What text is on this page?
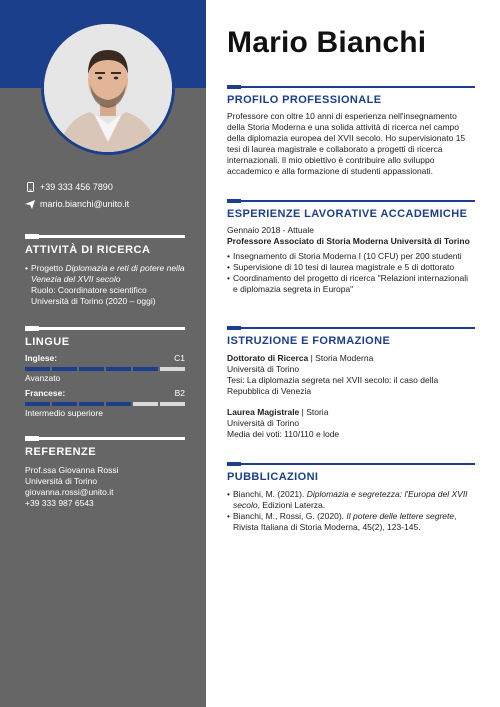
+39 333 456 7890
mario.bianchi@unito.it
ATTIVITÀ DI RICERCA
• Progetto Diplomazia e reti di potere nella Venezia del XVII secolo
Ruolo: Coordinatore scientifico
Università di Torino (2020 – oggi)
LINGUE
Inglese:	C1
Avanzato
Francese:	B2
Intermedio superiore
REFERENZE
Prof.ssa Giovanna Rossi
Università di Torino
giovanna.rossi@unito.it
+39 333 987 6543
Mario Bianchi
PROFILO PROFESSIONALE
Professore con oltre 10 anni di esperienza nell'insegnamento della Storia Moderna e una solida attività di ricerca nel campo della diplomazia europea del XVII secolo. Ho supervisionato 15 tesi di laurea magistrale e collaborato a progetti di ricerca internazionali. Il mio obiettivo è contribuire allo sviluppo accademico e alla formazione di studenti appassionati.
ESPERIENZE LAVORATIVE ACCADEMICHE
Gennaio 2018 - Attuale
Professore Associato di Storia Moderna Università di Torino
• Insegnamento di Storia Moderna I (10 CFU) per 200 studenti
• Supervisione di 10 tesi di laurea magistrale e 5 di dottorato
• Coordinamento del progetto di ricerca "Relazioni internazionali e diplomazia segreta in Europa"
ISTRUZIONE E FORMAZIONE
Dottorato di Ricerca | Storia Moderna
Università di Torino
Tesi: La diplomazia segreta nel XVII secolo: il caso della Repubblica di Venezia
Laurea Magistrale | Storia
Università di Torino
Media dei voti: 110/110 e lode
PUBBLICAZIONI
• Bianchi, M. (2021). Diplomazia e segretezza: l'Europa del XVII secolo, Edizioni Laterza.
• Bianchi, M., Rossi, G. (2020). Il potere delle lettere segrete, Rivista Italiana di Storia Moderna, 45(2), 123-145.
